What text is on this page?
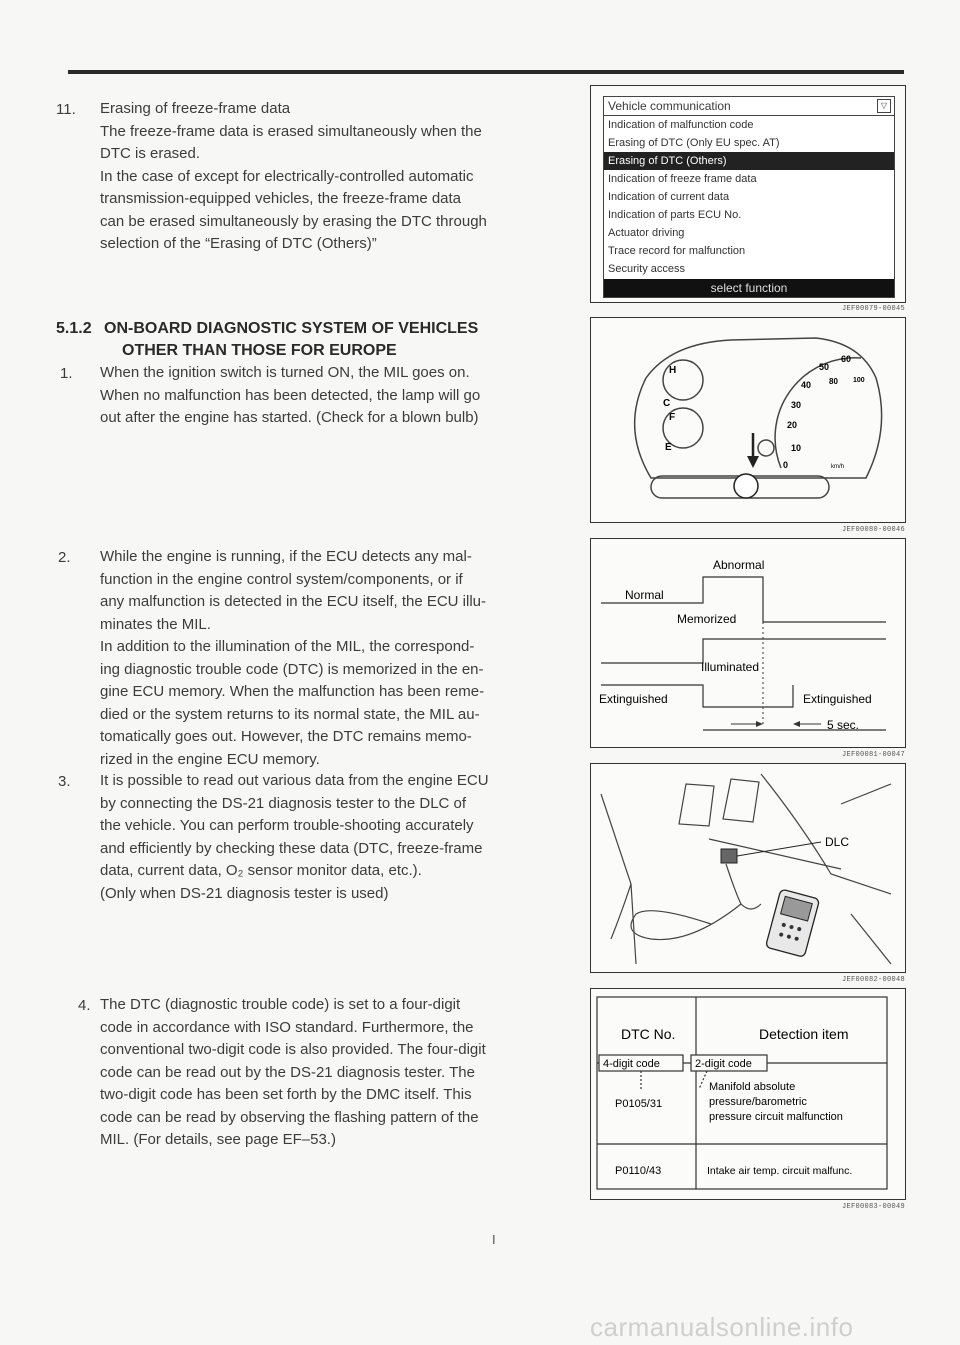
11. Erasing of freeze-frame data

The freeze-frame data is erased simultaneously when the

DTC is erased.

In the case of except for electrically-controlled automatic

transmission-equipped vehicles, the freeze-frame data

can be erased simultaneously by erasing the DTC through

selection of the “Erasing of DTC (Others)”

5.1.2 ON-BOARD DIAGNOSTIC SYSTEM OF VEHICLES
OTHER THAN THOSE FOR EUROPE
1. When the ignition switch is turned ON, the MIL goes on.

When no malfunction has been detected, the lamp will go

out after the engine has started. (Check for a blown bulb)

2. While the engine is running, if the ECU detects any mal-

function in the engine control system/components, or if

any malfunction is detected in the ECU itself, the ECU illu-

minates the MIL.

In addition to the illumination of the MIL, the correspond-

ing diagnostic trouble code (DTC) is memorized in the en-

gine ECU memory. When the malfunction has been reme-

died or the system returns to its normal state, the MIL au-

tomatically goes out. However, the DTC remains memo-

rized in the engine ECU memory.

3. It is possible to read out various data from the engine ECU

by connecting the DS-21 diagnosis tester to the DLC of

the vehicle. You can perform trouble-shooting accurately

and efficiently by checking these data (DTC, freeze-frame

data, current data, O₂ sensor monitor data, etc.).

(Only when DS-21 diagnosis tester is used)

4. The DTC (diagnostic trouble code) is set to a four-digit

code in accordance with ISO standard. Furthermore, the

conventional two-digit code is also provided. The four-digit

code can be read out by the DS-21 diagnosis tester. The

two-digit code has been set forth by the DMC itself. This

code can be read by observing the flashing pattern of the

MIL. (For details, see page EF–53.)

Vehicle communication	▽
Indication of malfunction code
Erasing of DTC (Only EU spec. AT)
Erasing of DTC (Others)
Indication of freeze frame data
Indication of current data
Indication of parts ECU No.
Actuator driving
Trace record for malfunction
Security access
select function
JEF00079-00045
H
C
F
E
0
10
20
30
40
50
60
80 100
km/h
JEF00080-00046
Abnormal
Normal
Memorized
Illuminated
Extinguished	Extinguished
5 sec.
JEF00081-00047
DLC
JEF00082-00048
DTC No.	Detection item
4-digit code	2-digit code
P0105/31
Manifold absolute
pressure/barometric
pressure circuit malfunction
P0110/43	Intake air temp. circuit malfunc.
JEF00083-00049
I
carmanualsonline.info
